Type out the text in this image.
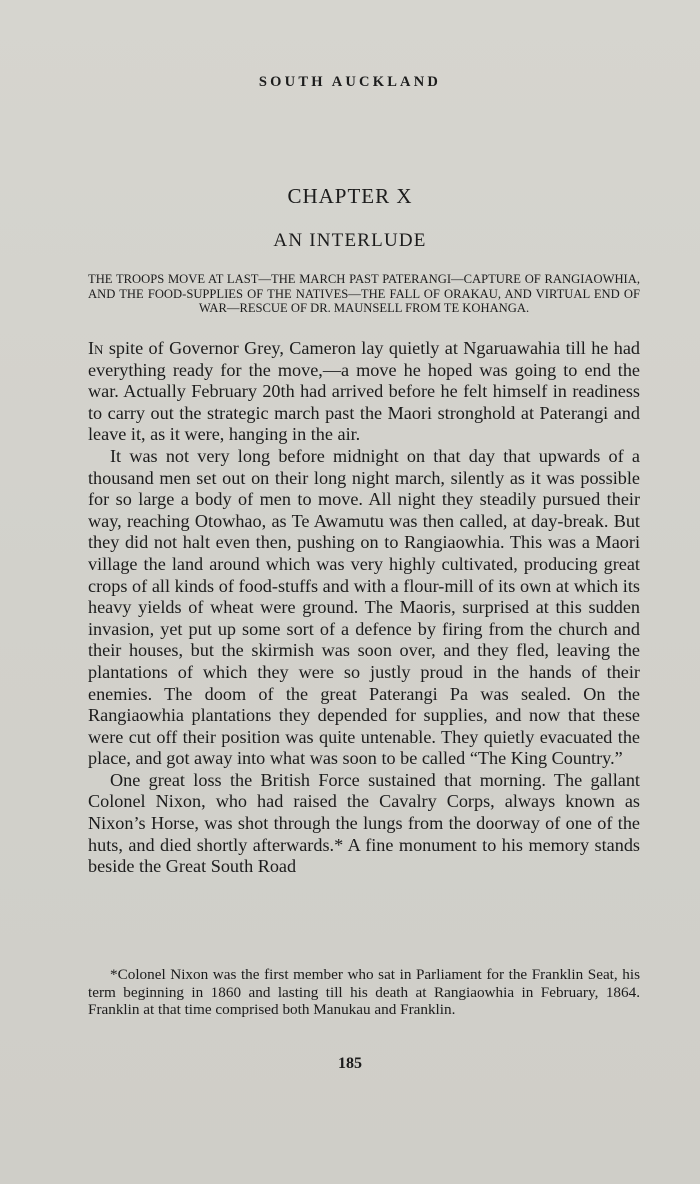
SOUTH AUCKLAND
CHAPTER X
AN INTERLUDE

THE TROOPS MOVE AT LAST—THE MARCH PAST PATERANGI—CAPTURE OF RANGIAOWHIA, AND THE FOOD-SUPPLIES OF THE NATIVES—THE FALL OF ORAKAU, AND VIRTUAL END OF WAR—RESCUE OF DR. MAUNSELL FROM TE KOHANGA.

In spite of Governor Grey, Cameron lay quietly at Ngaruawahia till he had everything ready for the move,—a move he hoped was going to end the war. Actually February 20th had arrived before he felt himself in readiness to carry out the strategic march past the Maori stronghold at Paterangi and leave it, as it were, hanging in the air.

It was not very long before midnight on that day that upwards of a thousand men set out on their long night march, silently as it was possible for so large a body of men to move. All night they steadily pursued their way, reaching Otowhao, as Te Awamutu was then called, at day-break. But they did not halt even then, pushing on to Rangiaowhia. This was a Maori village the land around which was very highly cultivated, producing great crops of all kinds of food-stuffs and with a flour-mill of its own at which its heavy yields of wheat were ground. The Maoris, surprised at this sudden invasion, yet put up some sort of a defence by firing from the church and their houses, but the skirmish was soon over, and they fled, leaving the plantations of which they were so justly proud in the hands of their enemies. The doom of the great Paterangi Pa was sealed. On the Rangiaowhia plantations they depended for supplies, and now that these were cut off their position was quite untenable. They quietly evacuated the place, and got away into what was soon to be called “The King Country.”

One great loss the British Force sustained that morning. The gallant Colonel Nixon, who had raised the Cavalry Corps, always known as Nixon’s Horse, was shot through the lungs from the doorway of one of the huts, and died shortly afterwards.* A fine monument to his memory stands beside the Great South Road

*Colonel Nixon was the first member who sat in Parliament for the Franklin Seat, his term beginning in 1860 and lasting till his death at Rangiaowhia in February, 1864. Franklin at that time comprised both Manukau and Franklin.

185
